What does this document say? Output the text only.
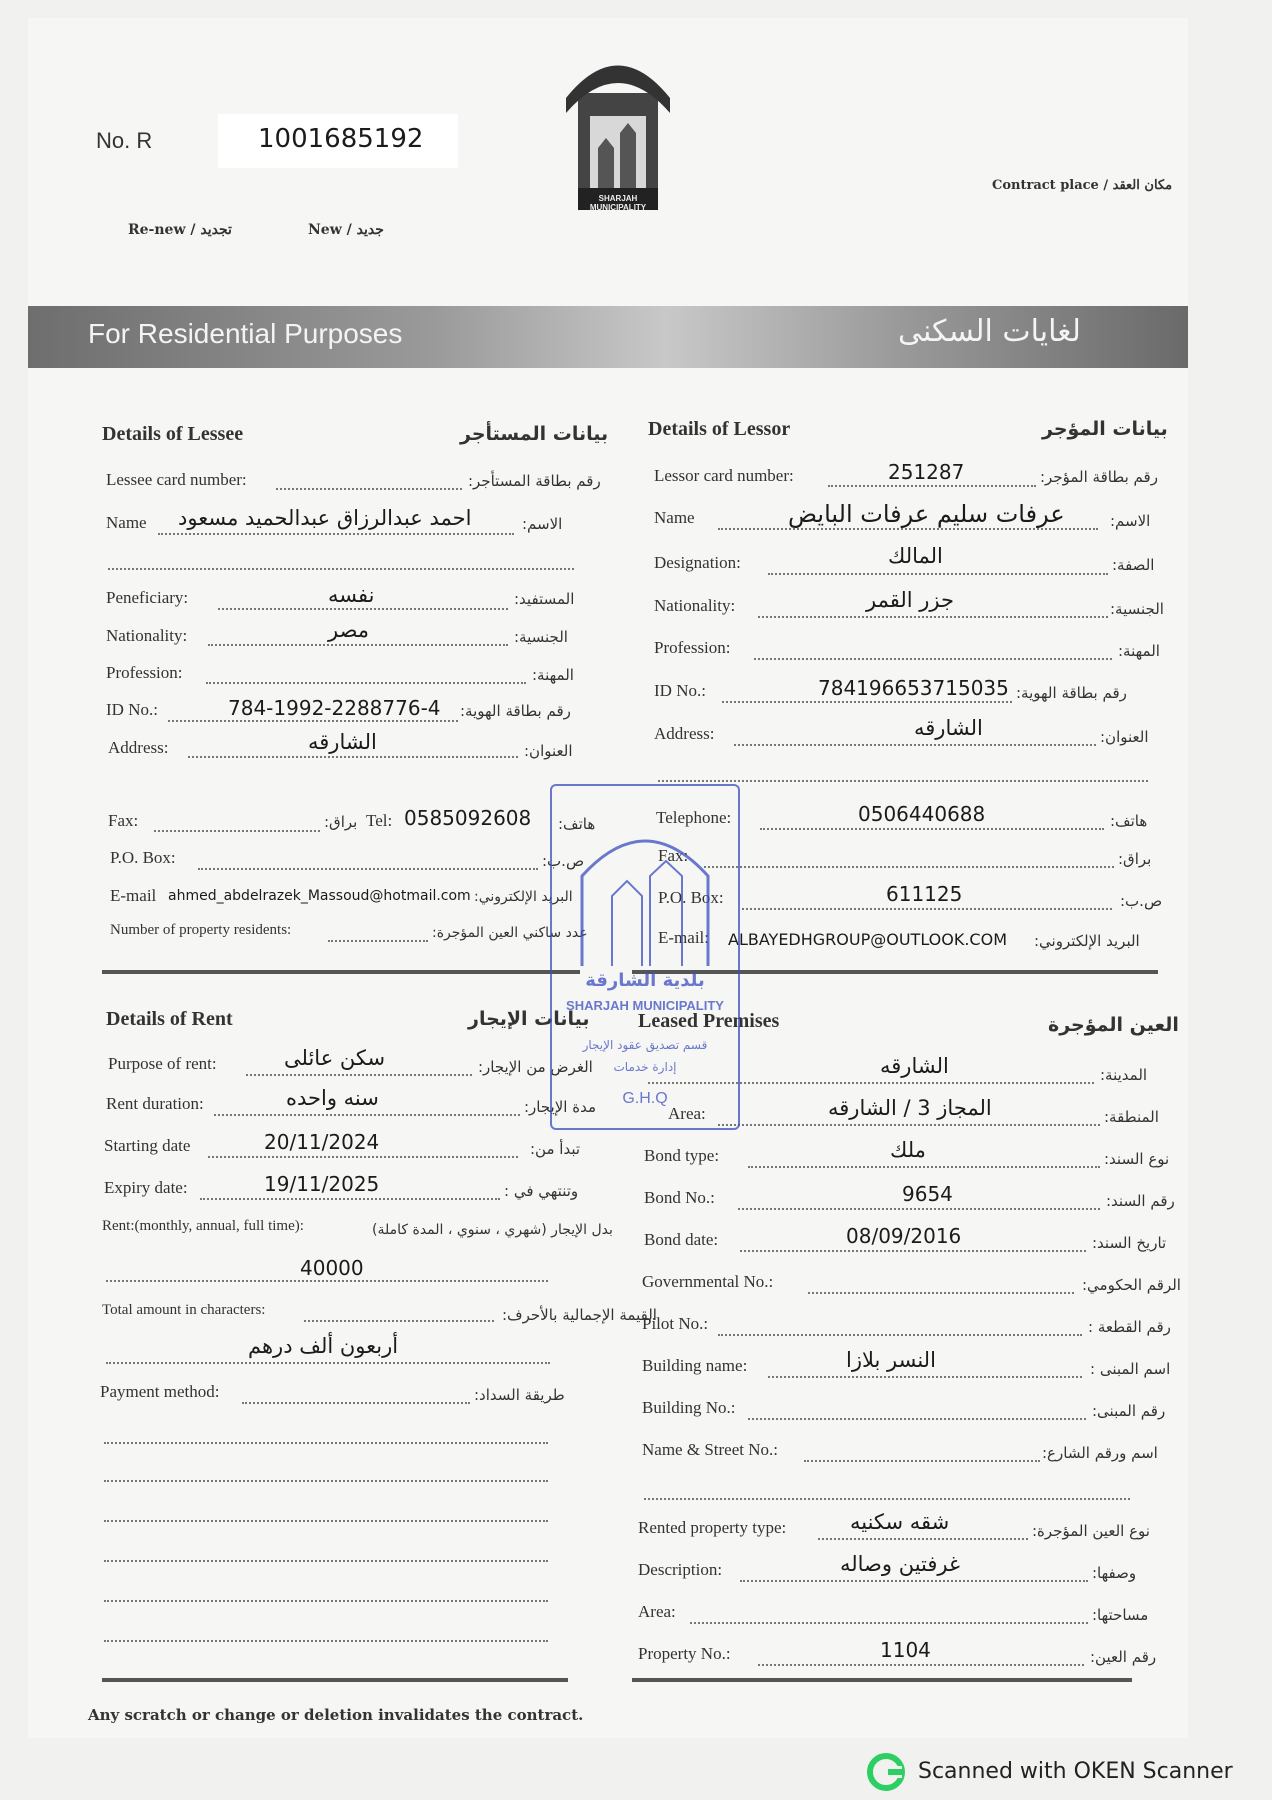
No. R	1001685192
SHARJAH MUNICIPALITY
Contract place / مكان العقد
Re-new / تجديد	New / جديد
For Residential Purposes	لغايات السكنى
Details of Lessee	بيانات المستأجر
Lessee card number:	رقم بطاقة المستأجر:
Name احمد عبدالرزاق عبدالحميد مسعود	الاسم:
Peneficiary:	نفسه	المستفيد:
Nationality:	مصر	الجنسية:
Profession:	المهنة:
ID No.:	784-1992-2288776-4 رقم بطاقة الهوية:
Address:	الشارقه	العنوان:
Fax:	براق: Tel: 0585092608 هاتف:
P.O. Box:	ص.ب:
E-mail ahmed_abdelrazek_Massoud@hotmail.com البريد الإلكتروني:
Number of property residents:	عدد ساكني العين المؤجرة:
Details of Lessor	بيانات المؤجر
Lessor card number:	251287	رقم بطاقة المؤجر:
Name	عرفات سليم عرفات البايض	الاسم:
Designation:	المالك	الصفة:
Nationality:	جزر القمر	الجنسية:
Profession:	المهنة:
ID No.:	784196653715035 رقم بطاقة الهوية:
Address:	الشارقه	العنوان:
Telephone:	0506440688	هاتف:
Fax:	براق:
P.O. Box:	611125	ص.ب:
E-mail: ALBAYEDHGROUP@OUTLOOK.COM البريد الإلكتروني:
Details of Rent	بيانات الإيجار
Purpose of rent:	سكن عائلى	الغرض من الإيجار:
Rent duration:	سنه واحده	مدة الإيجار:
Starting date	20/11/2024	تبدأ من:
Expiry date:	19/11/2025	وتنتهي في :
Rent:(monthly, annual, full time):	بدل الإيجار (شهري ، سنوي ، المدة كاملة)
40000
Total amount in characters:	القيمة الإجمالية بالأحرف:
أربعون ألف درهم
Payment method:	طريقة السداد:
Leased Premises	العين المؤجرة
الشارقه	المدينة:
Area:	المجاز 3 / الشارقه	المنطقة:
Bond type:	ملك	نوع السند:
Bond No.:	9654	رقم السند:
Bond date:	08/09/2016	تاريخ السند:
Governmental No.:	الرقم الحكومي:
Pilot No.:	رقم القطعة :
Building name:	النسر بلازا	اسم المبنى :
Building No.:	رقم المبنى:
Name & Street No.:	اسم ورقم الشارع:
Rented property type:	شقه سكنيه	نوع العين المؤجرة:
Description:	غرفتين وصاله	وصفها:
Area:	مساحتها:
Property No.:	1104	رقم العين:
Any scratch or change or deletion invalidates the contract.
بلدية الشارقة
SHARJAH MUNICIPALITY
قسم تصديق عقود الإيجار
إدارة خدمات
G.H.Q
Scanned with OKEN Scanner
